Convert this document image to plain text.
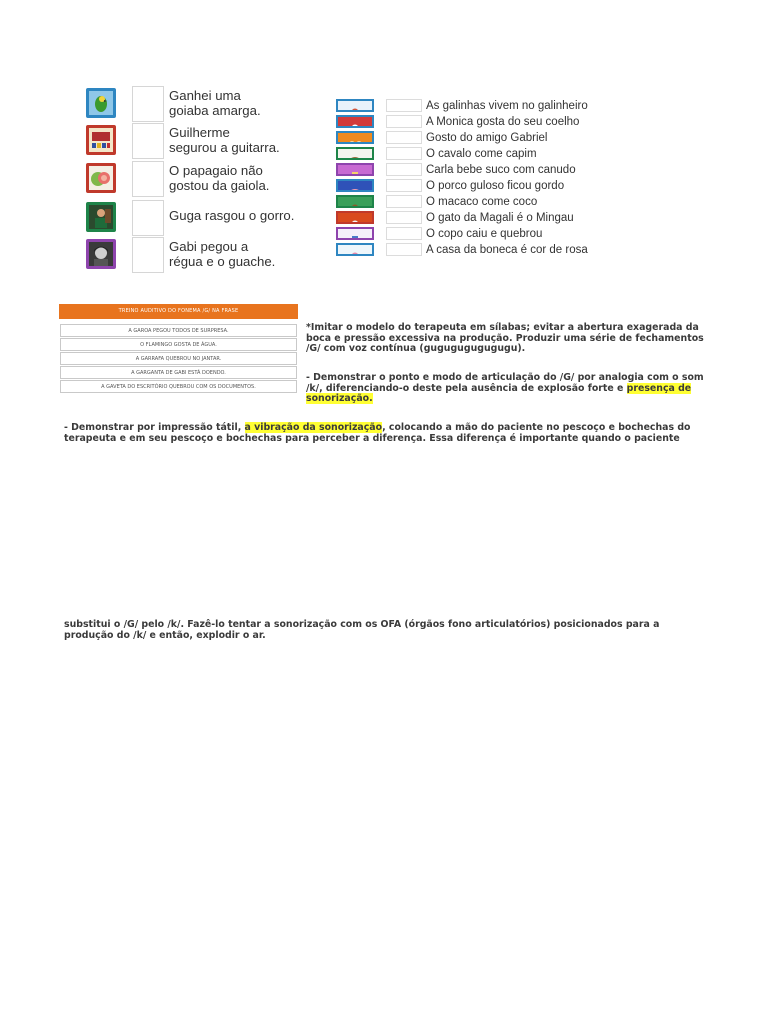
Ganhei uma
goiaba amarga.
Guilherme
segurou a guitarra.
O papagaio não
gostou da gaiola.
Guga rasgou o gorro.
Gabi pegou a
régua e o guache.
As galinhas vivem no galinheiro
A Monica gosta do seu coelho
Gosto do amigo Gabriel
O cavalo come capim
Carla bebe suco com canudo
O porco guloso ficou gordo
O macaco come coco
O gato da Magali é o Mingau
O copo caiu e quebrou
A casa da boneca é cor de rosa
TREINO AUDITIVO DO FONEMA /G/ NA FRASE
A GAROA PEGOU TODOS DE SURPRESA.
O FLAMINGO GOSTA DE ÁGUA.
A GARRAFA QUEBROU NO JANTAR.
A GARGANTA DE GABI ESTÁ DOENDO.
A GAVETA DO ESCRITÓRIO QUEBROU COM OS DOCUMENTOS.
*Imitar o modelo do terapeuta em sílabas; evitar a abertura exagerada da boca e pressão excessiva na produção. Produzir uma série de fechamentos /G/ com voz contínua (gugugugugugugu).
- Demonstrar o ponto e modo de articulação do /G/ por analogia com o som /k/, diferenciando-o deste pela ausência de explosão forte e presença de sonorização.
- Demonstrar por impressão tátil, a vibração da sonorização, colocando a mão do paciente no pescoço e bochechas do terapeuta e em seu pescoço e bochechas para perceber a diferença. Essa diferença é importante quando o paciente
substitui o /G/ pelo /k/. Fazê-lo tentar a sonorização com os OFA (órgãos fono articulatórios) posicionados para a produção do /k/ e então, explodir o ar.
